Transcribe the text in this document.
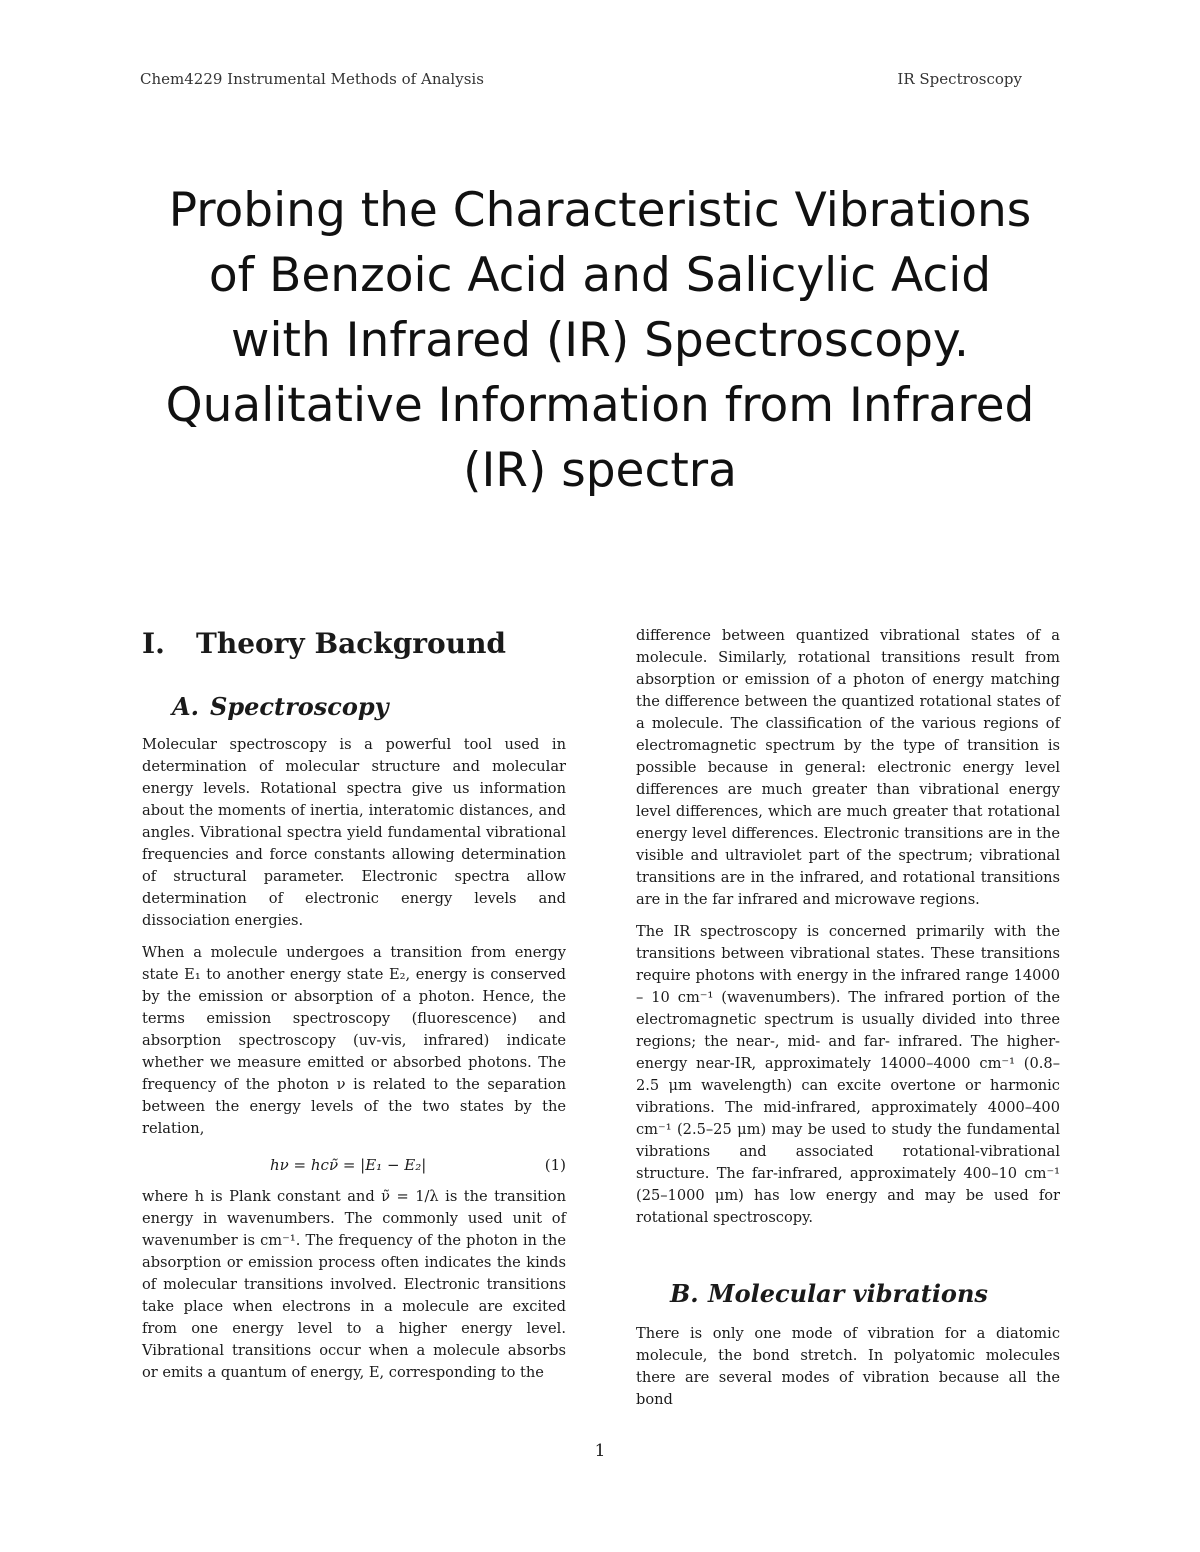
Chem4229 Instrumental Methods of Analysis	IR Spectroscopy
Probing the Characteristic Vibrations
of Benzoic Acid and Salicylic Acid
with Infrared (IR) Spectroscopy.
Qualitative Information from Infrared
(IR) spectra
I. Theory Background
A. Spectroscopy

Molecular spectroscopy is a powerful tool used in determination of molecular structure and molecular energy levels. Rotational spectra give us information about the moments of inertia, interatomic distances, and angles. Vibrational spectra yield fundamental vibrational frequencies and force constants allowing determination of structural parameter. Electronic spectra allow determination of electronic energy levels and dissociation energies.

When a molecule undergoes a transition from energy state E₁ to another energy state E₂, energy is conserved by the emission or absorption of a photon. Hence, the terms emission spectroscopy (fluorescence) and absorption spectroscopy (uv-vis, infrared) indicate whether we measure emitted or absorbed photons. The frequency of the photon ν is related to the separation between the energy levels of the two states by the relation,

hν = hcν̃ = |E₁ − E₂|	(1)

where h is Plank constant and ν̃ = 1/λ is the transition energy in wavenumbers. The commonly used unit of wavenumber is cm⁻¹. The frequency of the photon in the absorption or emission process often indicates the kinds of molecular transitions involved. Electronic transitions take place when electrons in a molecule are excited from one energy level to a higher energy level. Vibrational transitions occur when a molecule absorbs or emits a quantum of energy, E, corresponding to the

difference between quantized vibrational states of a molecule. Similarly, rotational transitions result from absorption or emission of a photon of energy matching the difference between the quantized rotational states of a molecule. The classification of the various regions of electromagnetic spectrum by the type of transition is possible because in general: electronic energy level differences are much greater than vibrational energy level differences, which are much greater that rotational energy level differences. Electronic transitions are in the visible and ultraviolet part of the spectrum; vibrational transitions are in the infrared, and rotational transitions are in the far infrared and microwave regions.

The IR spectroscopy is concerned primarily with the transitions between vibrational states. These transitions require photons with energy in the infrared range 14000 – 10 cm⁻¹ (wavenumbers). The infrared portion of the electromagnetic spectrum is usually divided into three regions; the near-, mid- and far- infrared. The higher-energy near-IR, approximately 14000–4000 cm⁻¹ (0.8–2.5 μm wavelength) can excite overtone or harmonic vibrations. The mid-infrared, approximately 4000–400 cm⁻¹ (2.5–25 μm) may be used to study the fundamental vibrations and associated rotational-vibrational structure. The far-infrared, approximately 400–10 cm⁻¹ (25–1000 μm) has low energy and may be used for rotational spectroscopy.

B. Molecular vibrations

There is only one mode of vibration for a diatomic molecule, the bond stretch. In polyatomic molecules there are several modes of vibration because all the bond

1
